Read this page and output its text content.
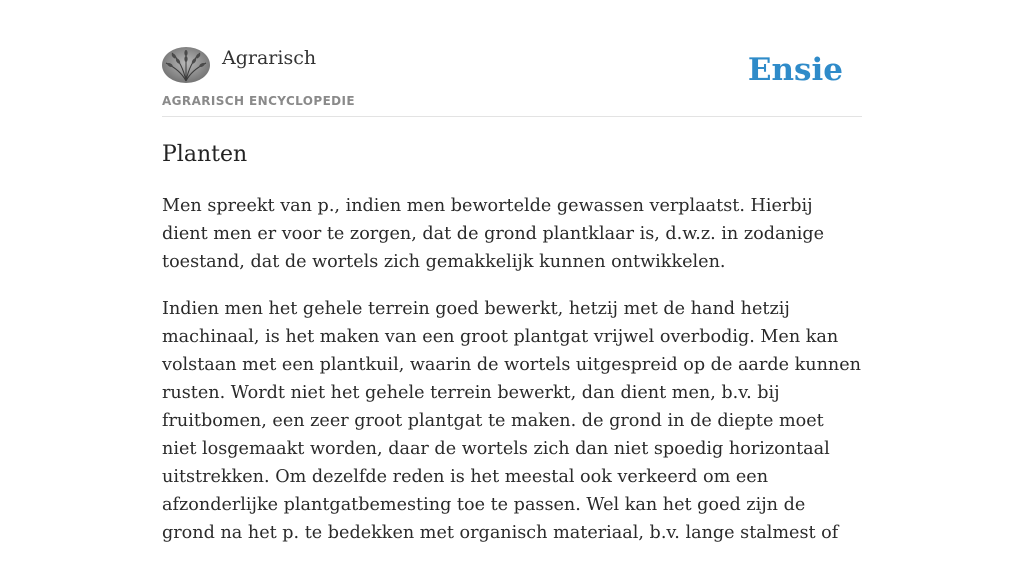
Agrarisch
AGRARISCH ENCYCLOPEDIE
Ensie
Planten

Men spreekt van p., indien men bewortelde gewassen verplaatst. Hierbij dient men er voor te zorgen, dat de grond plantklaar is, d.w.z. in zodanige toestand, dat de wortels zich gemakkelijk kunnen ontwikkelen.

Indien men het gehele terrein goed bewerkt, hetzij met de hand hetzij machinaal, is het maken van een groot plantgat vrijwel overbodig. Men kan volstaan met een plantkuil, waarin de wortels uitgespreid op de aarde kunnen rusten. Wordt niet het gehele terrein bewerkt, dan dient men, b.v. bij fruitbomen, een zeer groot plantgat te maken. de grond in de diepte moet niet losgemaakt worden, daar de wortels zich dan niet spoedig horizontaal uitstrekken. Om dezelfde reden is het meestal ook verkeerd om een afzonderlijke plantgatbemesting toe te passen. Wel kan het goed zijn de grond na het p. te bedekken met organisch materiaal, b.v. lange stalmest of
